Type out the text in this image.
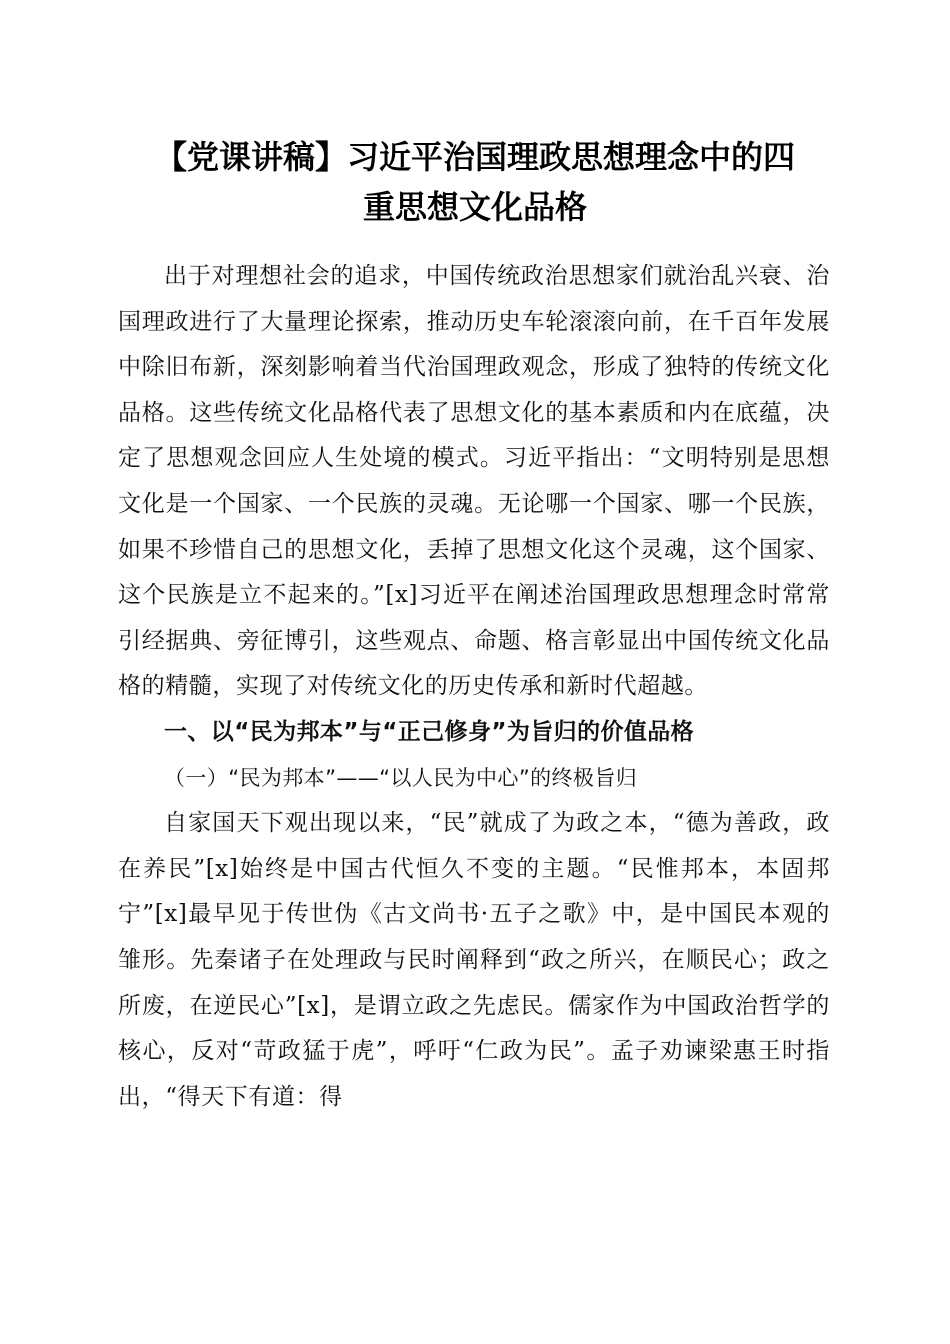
【党课讲稿】习近平治国理政思想理念中的四
重思想文化品格

出于对理想社会的追求，中国传统政治思想家们就治乱兴衰、治国理政进行了大量理论探索，推动历史车轮滚滚向前，在千百年发展中除旧布新，深刻影响着当代治国理政观念，形成了独特的传统文化品格。这些传统文化品格代表了思想文化的基本素质和内在底蕴，决定了思想观念回应人生处境的模式。习近平指出：“文明特别是思想文化是一个国家、一个民族的灵魂。无论哪一个国家、哪一个民族，如果不珍惜自己的思想文化，丢掉了思想文化这个灵魂，这个国家、这个民族是立不起来的。”[x]习近平在阐述治国理政思想理念时常常引经据典、旁征博引，这些观点、命题、格言彰显出中国传统文化品格的精髓，实现了对传统文化的历史传承和新时代超越。

一、以“民为邦本”与“正己修身”为旨归的价值品格

（一）“民为邦本”——“以人民为中心”的终极旨归

自家国天下观出现以来，“民”就成了为政之本，“德为善政，政在养民”[x]始终是中国古代恒久不变的主题。“民惟邦本，本固邦宁”[x]最早见于传世伪《古文尚书·五子之歌》中，是中国民本观的雏形。先秦诸子在处理政与民时阐释到“政之所兴，在顺民心；政之所废，在逆民心”[x]，是谓立政之先虑民。儒家作为中国政治哲学的核心，反对“苛政猛于虎”，呼吁“仁政为民”。孟子劝谏梁惠王时指出，“得天下有道：得
